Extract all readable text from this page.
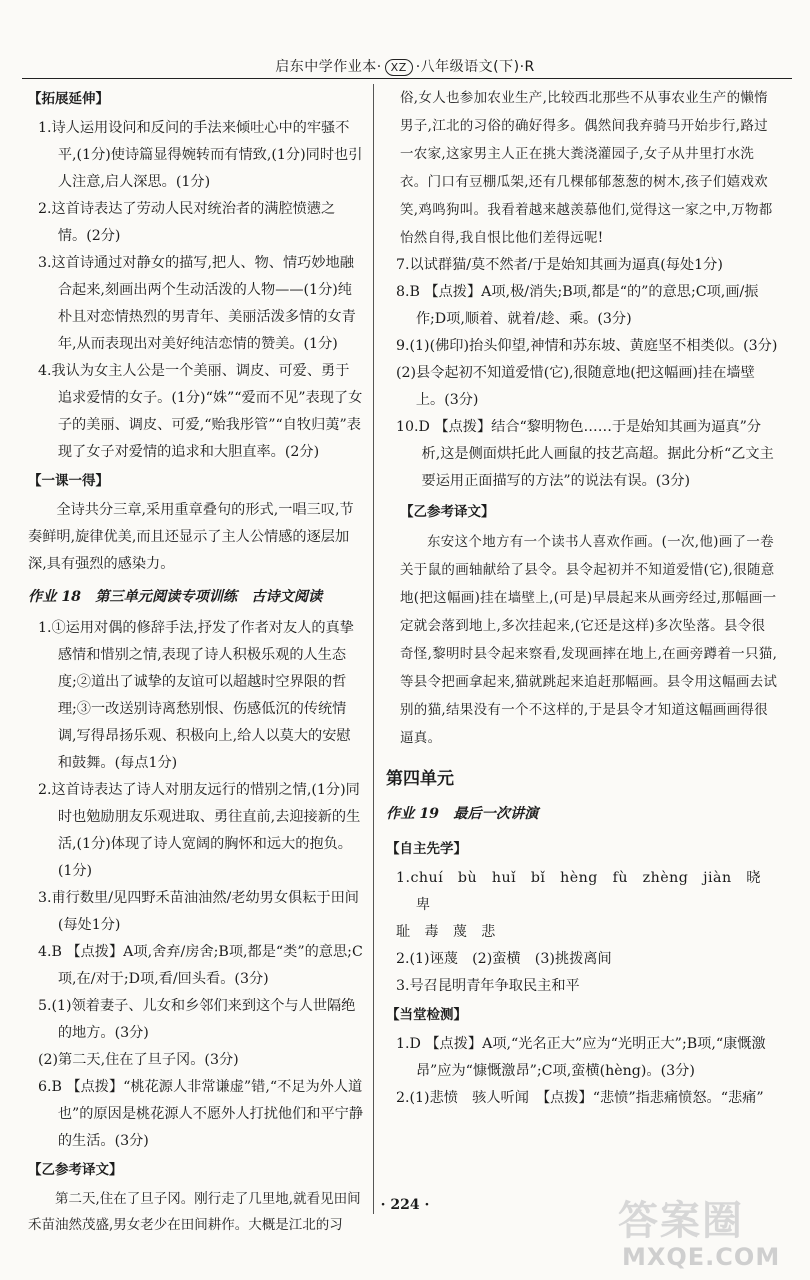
启东中学作业本· XZ ·八年级语文(下)·R
【拓展延伸】

1.诗人运用设问和反问的手法来倾吐心中的牢骚不平,(1分)使诗篇显得婉转而有情致,(1分)同时也引人注意,启人深思。(1分)

2.这首诗表达了劳动人民对统治者的满腔愤懑之情。(2分)

3.这首诗通过对静女的描写,把人、物、情巧妙地融合起来,刻画出两个生动活泼的人物——(1分)纯朴且对恋情热烈的男青年、美丽活泼多情的女青年,从而表现出对美好纯洁恋情的赞美。(1分)

4.我认为女主人公是一个美丽、调皮、可爱、勇于追求爱情的女子。(1分)“姝”“爱而不见”表现了女子的美丽、调皮、可爱,“贻我彤管”“自牧归荑”表现了女子对爱情的追求和大胆直率。(2分)

【一课一得】

全诗共分三章,采用重章叠句的形式,一唱三叹,节奏鲜明,旋律优美,而且还显示了主人公情感的逐层加深,具有强烈的感染力。

作业 18　第三单元阅读专项训练　古诗文阅读

1.①运用对偶的修辞手法,抒发了作者对友人的真挚感情和惜别之情,表现了诗人积极乐观的人生态度;②道出了诚挚的友谊可以超越时空界限的哲理;③一改送别诗离愁别恨、伤感低沉的传统情调,写得昂扬乐观、积极向上,给人以莫大的安慰和鼓舞。(每点1分)

2.这首诗表达了诗人对朋友远行的惜别之情,(1分)同时也勉励朋友乐观进取、勇往直前,去迎接新的生活,(1分)体现了诗人宽阔的胸怀和远大的抱负。(1分)

3.甫行数里/见四野禾苗油油然/老幼男女俱耘于田间(每处1分)

4.B 【点拨】A项,舍弃/房舍;B项,都是“类”的意思;C项,在/对于;D项,看/回头看。(3分)

5.(1)领着妻子、儿女和乡邻们来到这个与人世隔绝的地方。(3分)

(2)第二天,住在了旦子冈。(3分)

6.B 【点拨】“桃花源人非常谦虚”错,“不足为外人道也”的原因是桃花源人不愿外人打扰他们和平宁静的生活。(3分)

【乙参考译文】

第二天,住在了旦子冈。刚行走了几里地,就看见田间禾苗油然茂盛,男女老少在田间耕作。大概是江北的习

俗,女人也参加农业生产,比较西北那些不从事农业生产的懒惰男子,江北的习俗的确好得多。偶然间我弃骑马开始步行,路过一农家,这家男主人正在挑大粪浇灌园子,女子从井里打水洗衣。门口有豆棚瓜架,还有几棵郁郁葱葱的树木,孩子们嬉戏欢笑,鸡鸣狗叫。我看着越来越羡慕他们,觉得这一家之中,万物都怡然自得,我自恨比他们差得远呢!

7.以试群猫/莫不然者/于是始知其画为逼真(每处1分)

8.B 【点拨】A项,极/消失;B项,都是“的”的意思;C项,画/振作;D项,顺着、就着/趁、乘。(3分)

9.(1)(佛印)抬头仰望,神情和苏东坡、黄庭坚不相类似。(3分)

(2)县令起初不知道爱惜(它),很随意地(把这幅画)挂在墙壁上。(3分)

10.D 【点拨】结合“黎明物色……于是始知其画为逼真”分析,这是侧面烘托此人画鼠的技艺高超。据此分析“乙文主要运用正面描写的方法”的说法有误。(3分)

【乙参考译文】

东安这个地方有一个读书人喜欢作画。(一次,他)画了一卷关于鼠的画轴献给了县令。县令起初并不知道爱惜(它),很随意地(把这幅画)挂在墙壁上,(可是)早晨起来从画旁经过,那幅画一定就会落到地上,多次挂起来,(它还是这样)多次坠落。县令很奇怪,黎明时县令起来察看,发现画摔在地上,在画旁蹲着一只猫,等县令把画拿起来,猫就跳起来追赶那幅画。县令用这幅画去试别的猫,结果没有一个不这样的,于是县令才知道这幅画画得很逼真。

第四单元
作业 19　最后一次讲演
【自主先学】

1.chuí　bù　huǐ　bǐ　hèng　fù　zhèng　jiàn　晓　卑

耻　毒　蔑　悲

2.(1)诬蔑　(2)蛮横　(3)挑拨离间

3.号召昆明青年争取民主和平

【当堂检测】

1.D 【点拨】A项,“光名正大”应为“光明正大”;B项,“康慨激昂”应为“慷慨激昂”;C项,蛮横(hèng)。(3分)

2.(1)悲愤　骇人听闻　【点拨】“悲愤”指悲痛愤怒。“悲痛”

· 224 ·	答案圈
MXQE.COM
